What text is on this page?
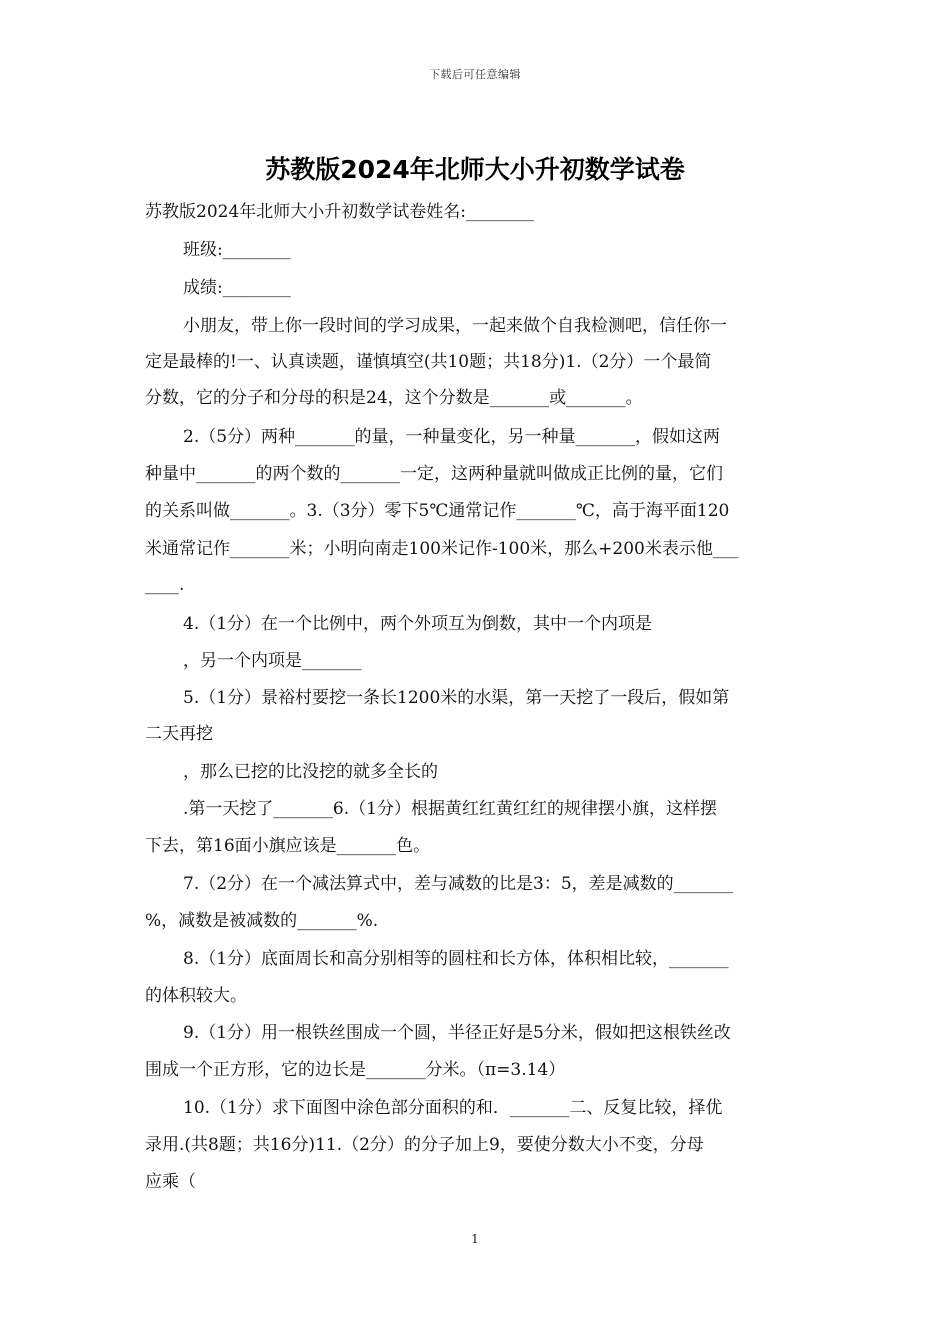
下载后可任意编辑
苏教版2024年北师大小升初数学试卷
苏教版2024年北师大小升初数学试卷姓名:________
班级:________
成绩:________
小朋友，带上你一段时间的学习成果，一起来做个自我检测吧，信任你一
定是最棒的!一、认真读题，谨慎填空(共10题；共18分)1.（2分）一个最简
分数，它的分子和分母的积是24，这个分数是_______或_______。
2.（5分）两种_______的量，一种量变化，另一种量_______，假如这两
种量中_______的两个数的_______一定，这两种量就叫做成正比例的量，它们
的关系叫做_______。3.（3分）零下5℃通常记作_______℃，高于海平面120
米通常记作_______米；小明向南走100米记作-100米，那么+200米表示他___
____.
4.（1分）在一个比例中，两个外项互为倒数，其中一个内项是
，另一个内项是_______
5.（1分）景裕村要挖一条长1200米的水渠，第一天挖了一段后，假如第
二天再挖
，那么已挖的比没挖的就多全长的
.第一天挖了_______6.（1分）根据黄红红黄红红的规律摆小旗，这样摆
下去，第16面小旗应该是_______色。
7.（2分）在一个减法算式中，差与减数的比是3：5，差是减数的_______
%，减数是被减数的_______%.
8.（1分）底面周长和高分别相等的圆柱和长方体，体积相比较，_______
的体积较大。
9.（1分）用一根铁丝围成一个圆，半径正好是5分米，假如把这根铁丝改
围成一个正方形，它的边长是_______分米。（π=3.14）
10.（1分）求下面图中涂色部分面积的和．_______二、反复比较，择优
录用.(共8题；共16分)11.（2分）的分子加上9，要使分数大小不变，分母
应乘（
1
